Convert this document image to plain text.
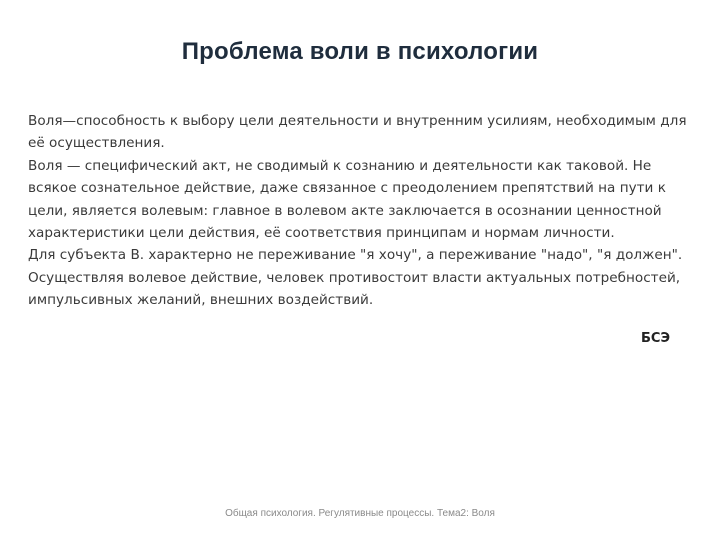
Проблема воли в психологии

Воля—способность к выбору цели деятельности и внутренним усилиям, необходимым для её осуществления.

Воля — специфический акт, не сводимый к сознанию и деятельности как таковой. Не всякое сознательное действие, даже связанное с преодолением препятствий на пути к цели, является волевым: главное в волевом акте заключается в осознании ценностной характеристики цели действия, её соответствия принципам и нормам личности.

Для субъекта В. характерно не переживание "я хочу", а переживание "надо", "я должен". Осуществляя волевое действие, человек противостоит власти актуальных потребностей, импульсивных желаний, внешних воздействий.

БСЭ
Общая психология. Регулятивные процессы. Тема2: Воля
